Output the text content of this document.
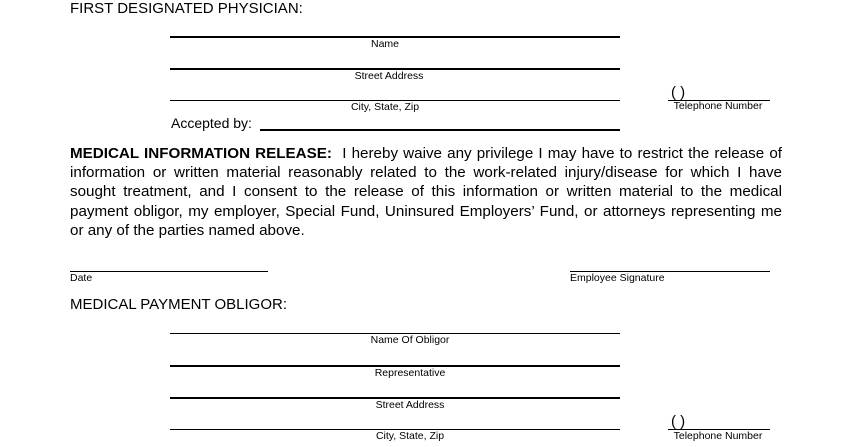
FIRST DESIGNATED PHYSICIAN:
Name
Street Address
City, State, Zip
( )
Telephone Number
Accepted by:
MEDICAL INFORMATION RELEASE: I hereby waive any privilege I may have to restrict the release of information or written material reasonably related to the work-related injury/disease for which I have sought treatment, and I consent to the release of this information or written material to the medical payment obligor, my employer, Special Fund, Uninsured Employers’ Fund, or attorneys representing me or any of the parties named above.
Date	Employee Signature
MEDICAL PAYMENT OBLIGOR:
Name Of Obligor
Representative
Street Address
City, State, Zip
( )
Telephone Number
